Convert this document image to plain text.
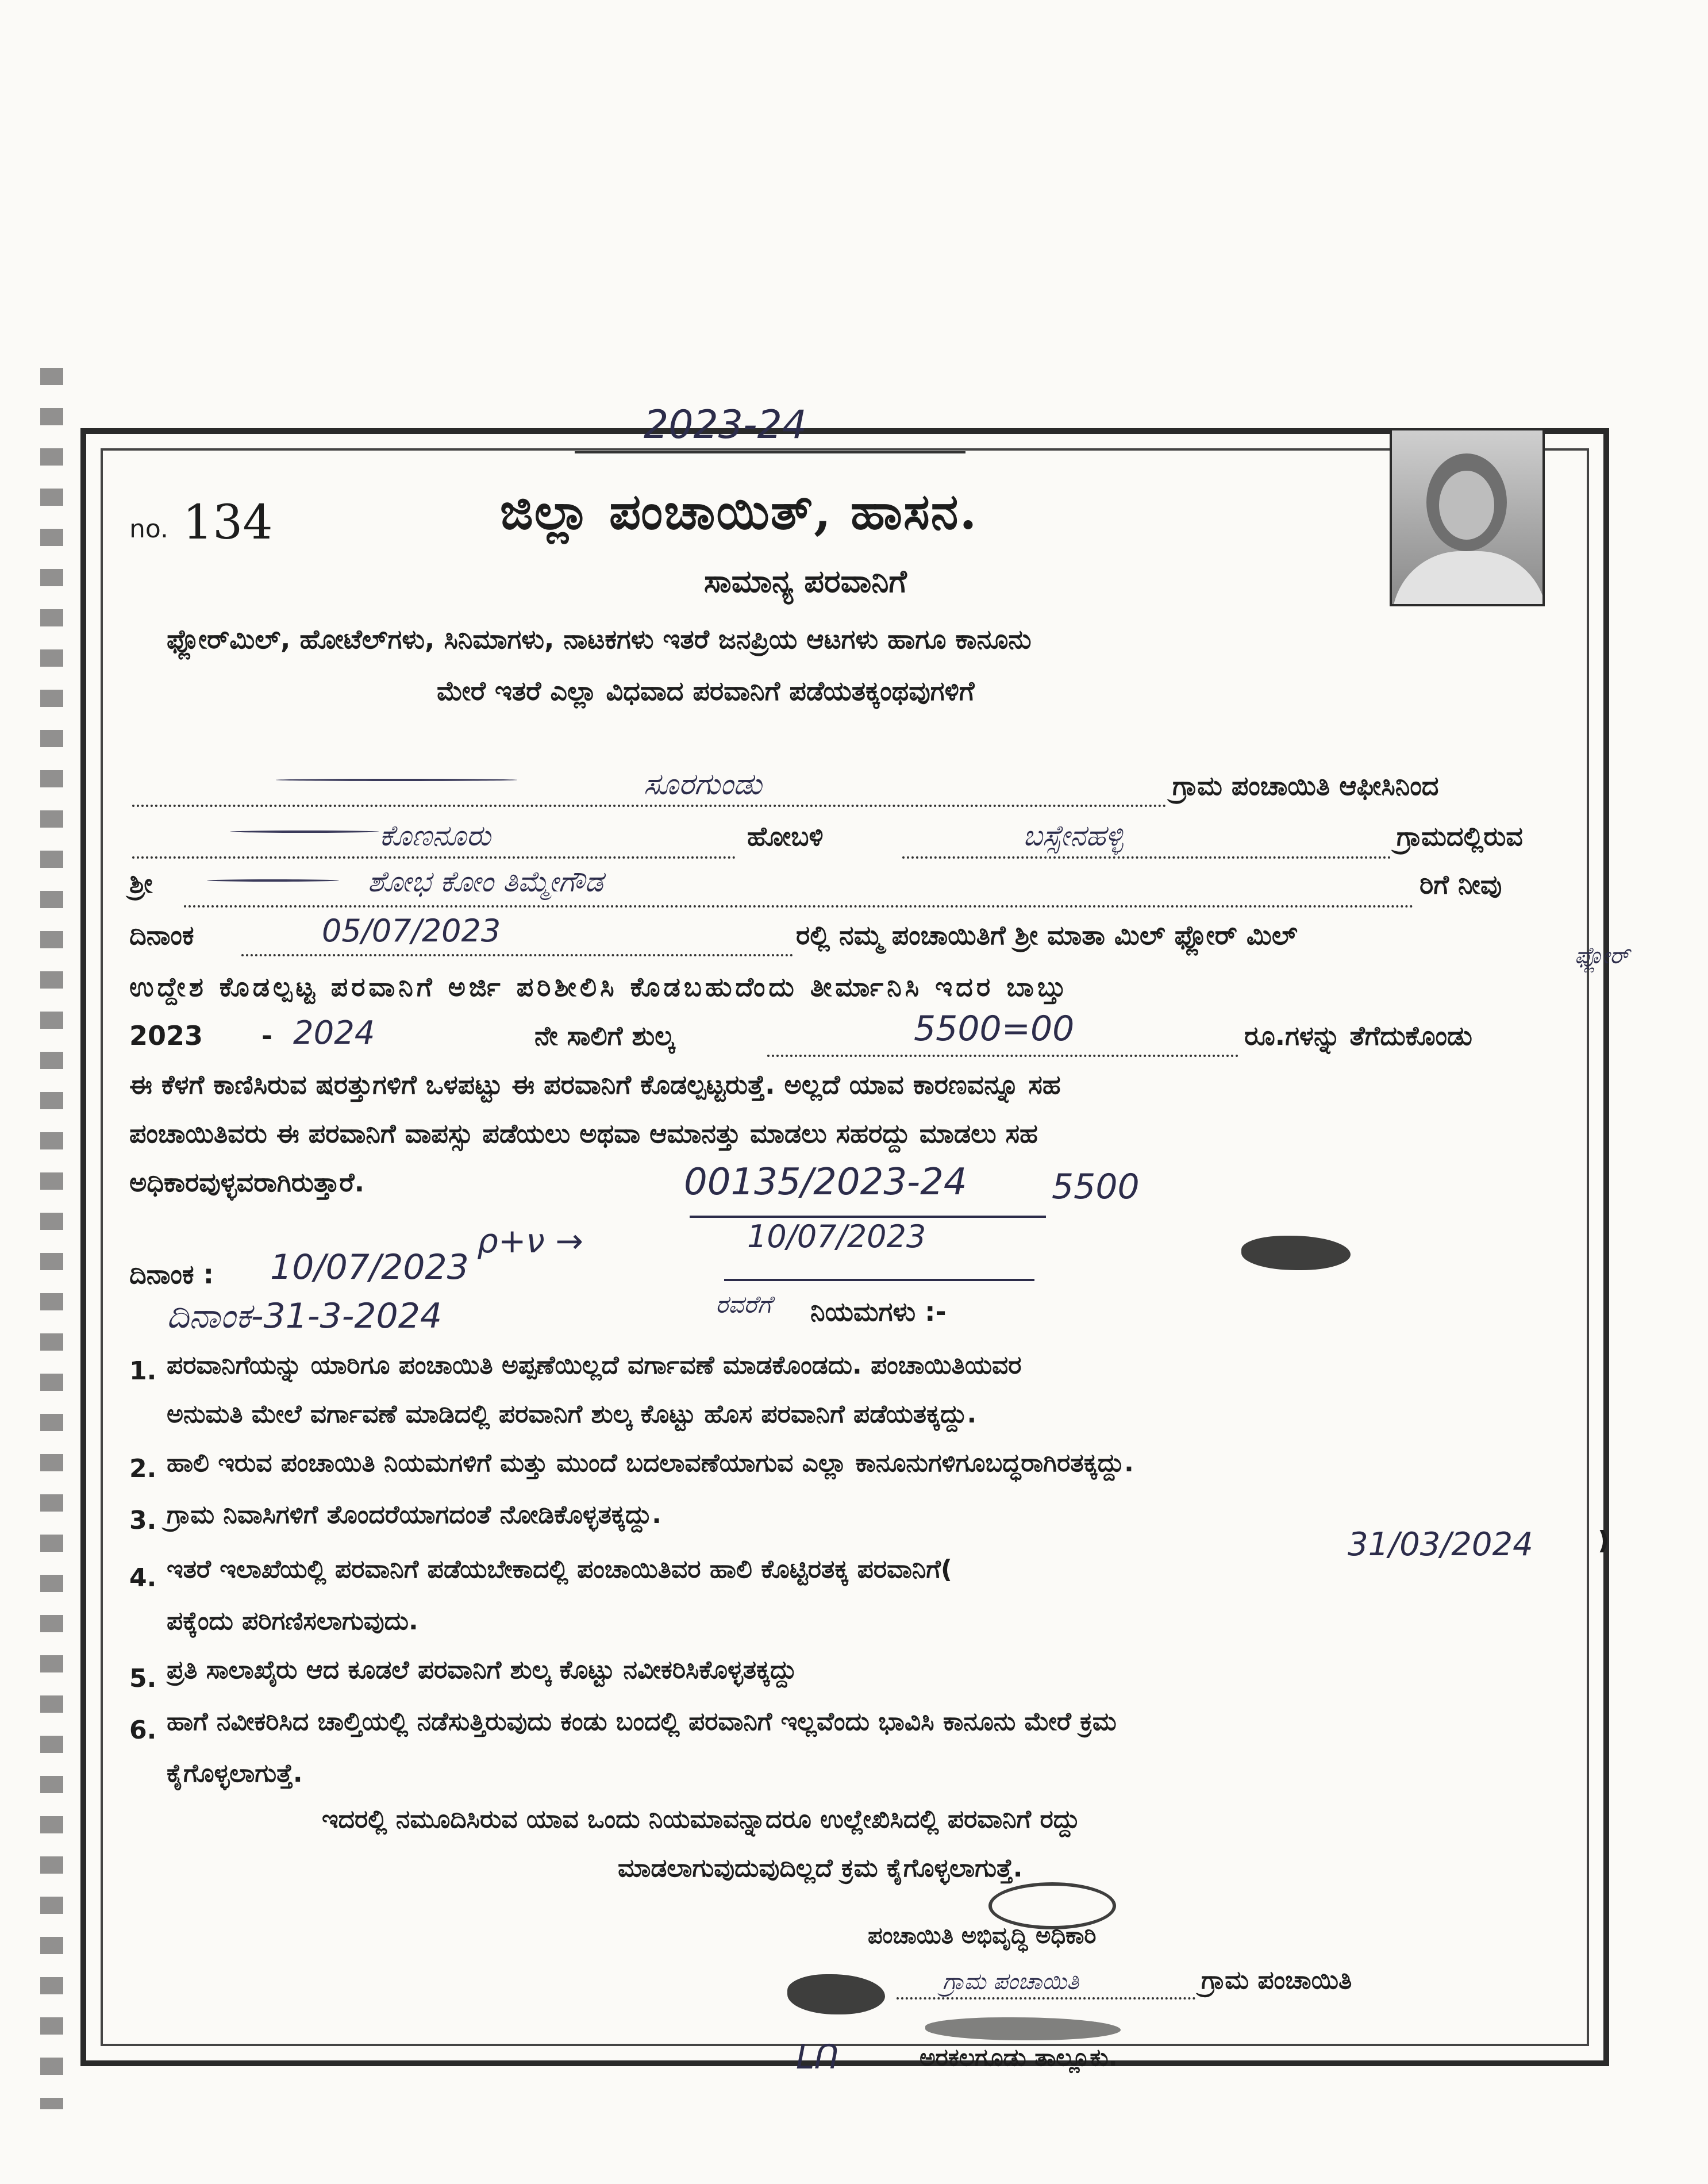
2023-24
no. 134	ಜಿಲ್ಲಾ ಪಂಚಾಯಿತ್, ಹಾಸನ.
ಸಾಮಾನ್ಯ ಪರವಾನಿಗೆ
ಫ್ಲೋರ್‌ಮಿಲ್, ಹೋಟೆಲ್‌ಗಳು, ಸಿನಿಮಾಗಳು, ನಾಟಕಗಳು ಇತರೆ ಜನಪ್ರಿಯ ಆಟಗಳು ಹಾಗೂ ಕಾನೂನು
ಮೇರೆ ಇತರೆ ಎಲ್ಲಾ ವಿಧವಾದ ಪರವಾನಿಗೆ ಪಡೆಯತಕ್ಕಂಥವುಗಳಿಗೆ
ಸೂರಗುಂಡು	ಗ್ರಾಮ ಪಂಚಾಯಿತಿ ಆಫೀಸಿನಿಂದ
ಕೊಣನೂರು	ಹೋಬಳಿ	ಬಸ್ಸೇನಹಳ್ಳಿ	ಗ್ರಾಮದಲ್ಲಿರುವ
ಶ್ರೀ	ಶೋಭ ಕೋಂ ತಿಮ್ಮೇಗೌಡ	ರಿಗೆ ನೀವು
ದಿನಾಂಕ	05/07/2023	ರಲ್ಲಿ ನಮ್ಮ ಪಂಚಾಯಿತಿಗೆ ಶ್ರೀ ಮಾತಾ ಮಿಲ್ ಫ್ಲೋರ್ ಮಿಲ್
ಉದ್ದೇಶ ಕೊಡಲ್ಪಟ್ಟ ಪರವಾನಿಗೆ ಅರ್ಜಿ ಪರಿಶೀಲಿಸಿ ಕೊಡಬಹುದೆಂದು ತೀರ್ಮಾನಿಸಿ ಇದರ ಬಾಬ್ತು
ಫ್ಲೋರ್
2023 - 2024	ನೇ ಸಾಲಿಗೆ ಶುಲ್ಕ	5500=00	ರೂ.ಗಳನ್ನು ತೆಗೆದುಕೊಂಡು
ಈ ಕೆಳಗೆ ಕಾಣಿಸಿರುವ ಷರತ್ತುಗಳಿಗೆ ಒಳಪಟ್ಟು ಈ ಪರವಾನಿಗೆ ಕೊಡಲ್ಪಟ್ಟರುತ್ತೆ. ಅಲ್ಲದೆ ಯಾವ ಕಾರಣವನ್ನೂ ಸಹ
ಪಂಚಾಯಿತಿವರು ಈ ಪರವಾನಿಗೆ ವಾಪಸ್ಸು ಪಡೆಯಲು ಅಥವಾ ಆಮಾನತ್ತು ಮಾಡಲು ಸಹರದ್ದು ಮಾಡಲು ಸಹ
ಅಧಿಕಾರವುಳ್ಳವರಾಗಿರುತ್ತಾರೆ.	00135/2023-24 5500
10/07/2023
ದಿನಾಂಕ : 10/07/2023
ρ+ν →
ದಿನಾಂಕ-31-3-2024	ರವರೆಗೆ ನಿಯಮಗಳು :-
1. ಪರವಾನಿಗೆಯನ್ನು ಯಾರಿಗೂ ಪಂಚಾಯಿತಿ ಅಪ್ಪಣೆಯಿಲ್ಲದೆ ವರ್ಗಾವಣೆ ಮಾಡಕೊಂಡದು. ಪಂಚಾಯಿತಿಯವರ
ಅನುಮತಿ ಮೇಲೆ ವರ್ಗಾವಣೆ ಮಾಡಿದಲ್ಲಿ ಪರವಾನಿಗೆ ಶುಲ್ಕ ಕೊಟ್ಟು ಹೊಸ ಪರವಾನಿಗೆ ಪಡೆಯತಕ್ಕದ್ದು.
2. ಹಾಲಿ ಇರುವ ಪಂಚಾಯಿತಿ ನಿಯಮಗಳಿಗೆ ಮತ್ತು ಮುಂದೆ ಬದಲಾವಣೆಯಾಗುವ ಎಲ್ಲಾ ಕಾನೂನುಗಳಿಗೂಬದ್ಧರಾಗಿರತಕ್ಕದ್ದು.
3. ಗ್ರಾಮ ನಿವಾಸಿಗಳಿಗೆ ತೊಂದರೆಯಾಗದಂತೆ ನೋಡಿಕೊಳ್ಳತಕ್ಕದ್ದು.
4. ಇತರೆ ಇಲಾಖೆಯಲ್ಲಿ ಪರವಾನಿಗೆ ಪಡೆಯಬೇಕಾದಲ್ಲಿ ಪಂಚಾಯಿತಿವರ ಹಾಲಿ ಕೊಟ್ಟಿರತಕ್ಕ ಪರವಾನಿಗೆ(
31/03/2024	)
ಪಕ್ಕೆಂದು ಪರಿಗಣಿಸಲಾಗುವುದು.
5. ಪ್ರತಿ ಸಾಲಾಖೈರು ಆದ ಕೂಡಲೆ ಪರವಾನಿಗೆ ಶುಲ್ಕ ಕೊಟ್ಟು ನವೀಕರಿಸಿಕೊಳ್ಳತಕ್ಕದ್ದು
6. ಹಾಗೆ ನವೀಕರಿಸಿದ ಚಾಲ್ತಿಯಲ್ಲಿ ನಡೆಸುತ್ತಿರುವುದು ಕಂಡು ಬಂದಲ್ಲಿ ಪರವಾನಿಗೆ ಇಲ್ಲವೆಂದು ಭಾವಿಸಿ ಕಾನೂನು ಮೇರೆ ಕ್ರಮ
ಕೈಗೊಳ್ಳಲಾಗುತ್ತೆ.
ಇದರಲ್ಲಿ ನಮೂದಿಸಿರುವ ಯಾವ ಒಂದು ನಿಯಮಾವನ್ನಾದರೂ ಉಲ್ಲೇಖಿಸಿದಲ್ಲಿ ಪರವಾನಿಗೆ ರದ್ದು
ಮಾಡಲಾಗುವುದುವುದಿಲ್ಲದೆ ಕ್ರಮ ಕೈಗೊಳ್ಳಲಾಗುತ್ತೆ.
ಪಂಚಾಯಿತಿ ಅಭಿವೃದ್ಧಿ ಅಧಿಕಾರಿ
ಗ್ರಾಮ ಪಂಚಾಯಿತಿ	ಗ್ರಾಮ ಪಂಚಾಯಿತಿ
ᒪᑎ	ಅರಕಲಗೂಡು ತಾಲ್ಲೂಕು.
